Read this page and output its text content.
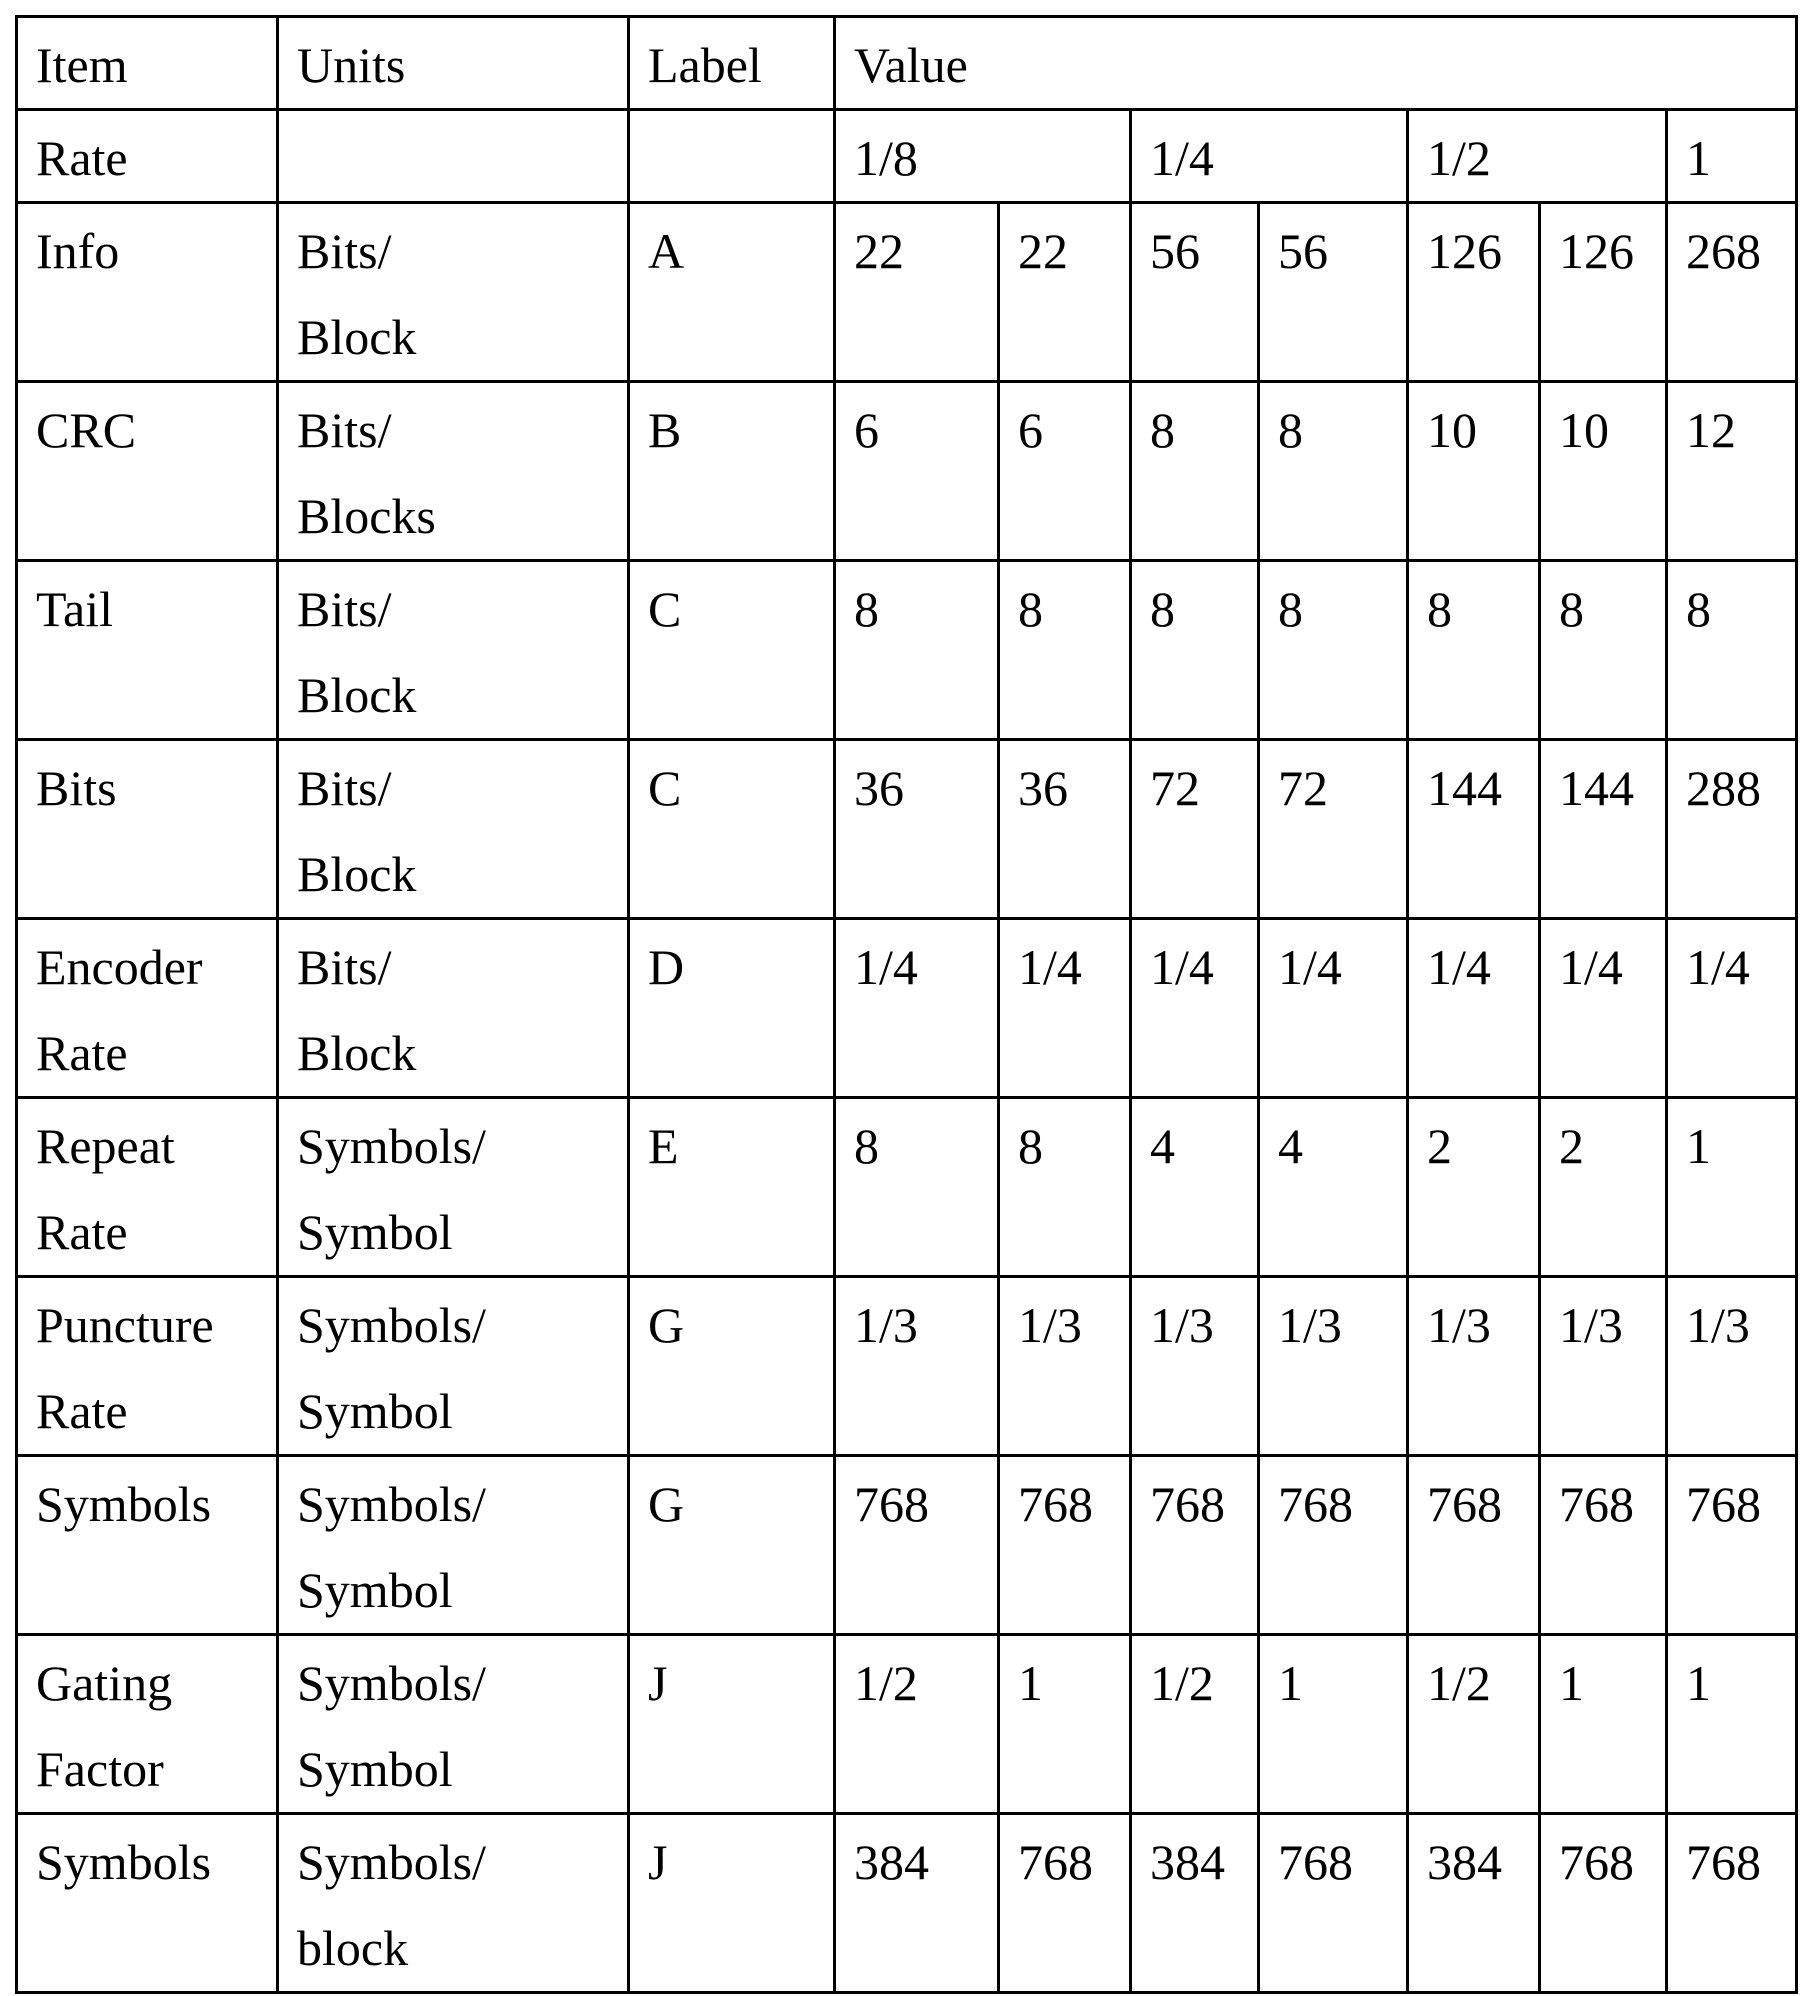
Item	Units	Label	Value
Rate			1/8	1/4	1/2	1

Info	Bits/
Block
	A	22	22	56	56	126	126	268

CRC	Bits/
Blocks
	B	6	6	8	8	10	10	12

Tail	Bits/
Block
	C	8	8	8	8	8	8	8

Bits	Bits/
Block
	C	36	36	72	72	144	144	288

Encoder
Rate

Bits/
Block
	D	1/4	1/4	1/4	1/4	1/4	1/4	1/4

Repeat
Rate

Symbols/
Symbol
	E	8	8	4	4	2	2	1

Puncture
Rate

Symbols/
Symbol
	G	1/3	1/3	1/3	1/3	1/3	1/3	1/3

Symbols	Symbols/
Symbol
	G	768	768	768	768	768	768	768

Gating
Factor

Symbols/
Symbol
	J	1/2	1	1/2	1	1/2	1	1

Symbols	Symbols/
block
	J	384	768	384	768	384	768	768
